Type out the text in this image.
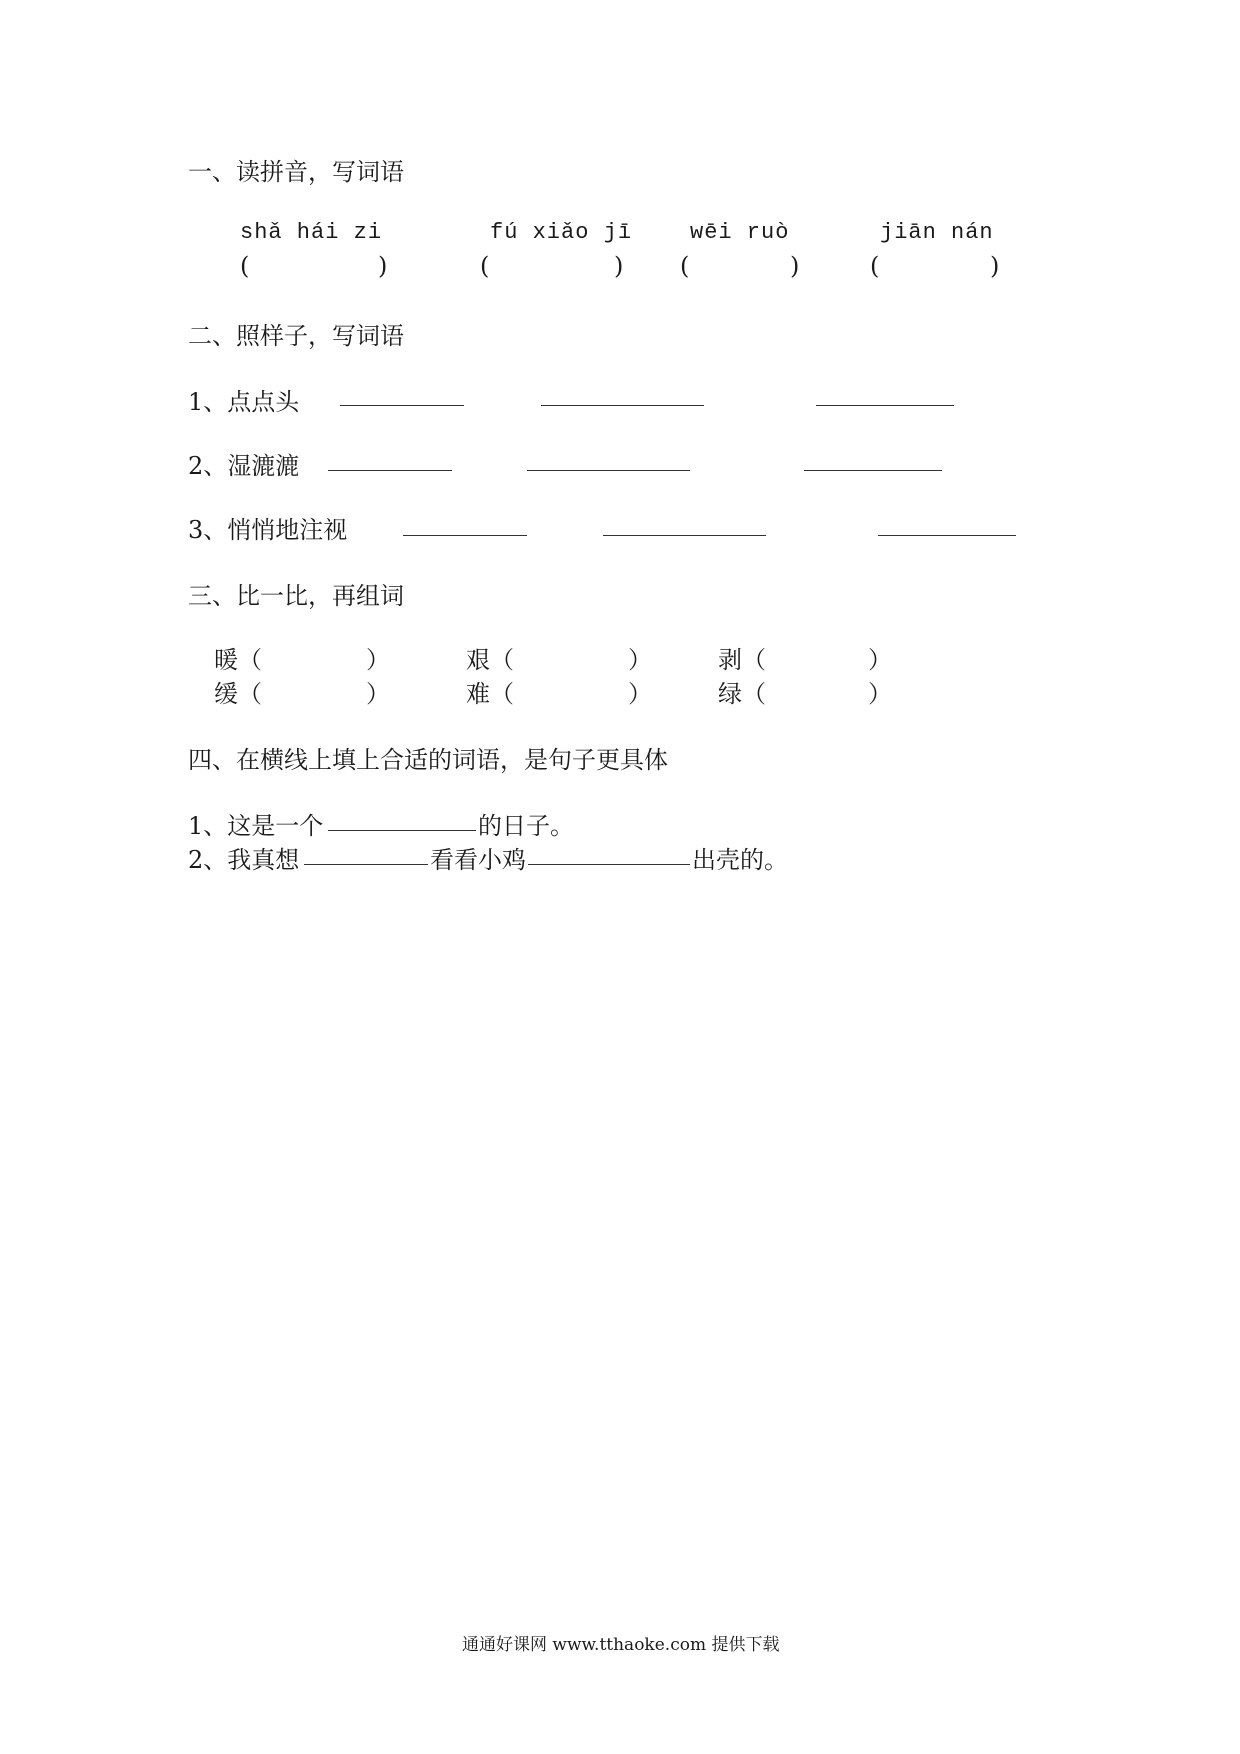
一、读拼音，写词语
shǎ hái zi	fú xiǎo jī	wēi ruò	jiān nán
(	)	(	) (	)	(	)
二、照样子，写词语
1、点点头
2、湿漉漉
3、悄悄地注视
三、比一比，再组词
暖 （	）	艰 （	）	剥 （	）
缓 （	）	难 （	）	绿 （	）
四、在横线上填上合适的词语，是句子更具体
1、这是一个	的日子。
2、我真想	看看小鸡	出壳的。
通通好课网 www.tthaoke.com 提供下载
